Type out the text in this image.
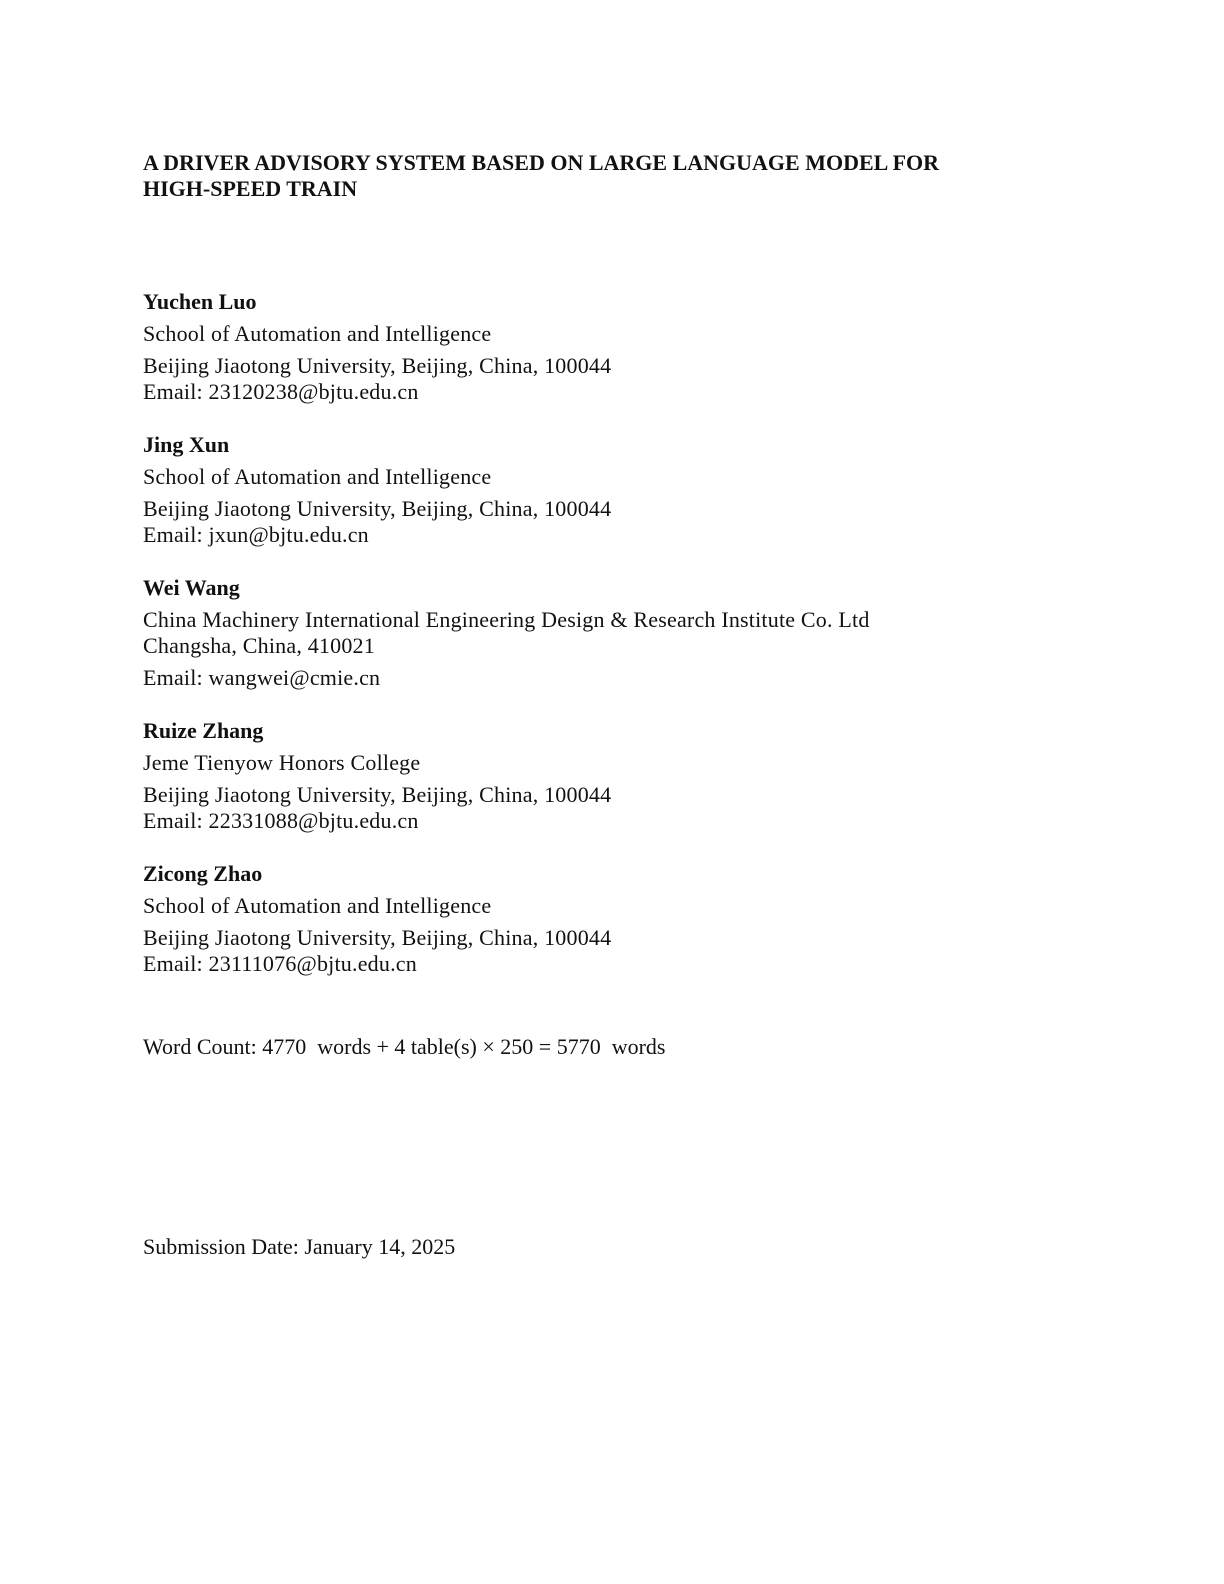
A DRIVER ADVISORY SYSTEM BASED ON LARGE LANGUAGE MODEL FOR
HIGH-SPEED TRAIN
Yuchen Luo
School of Automation and Intelligence
Beijing Jiaotong University, Beijing, China, 100044
Email: 23120238@bjtu.edu.cn
Jing Xun
School of Automation and Intelligence
Beijing Jiaotong University, Beijing, China, 100044
Email: jxun@bjtu.edu.cn
Wei Wang
China Machinery International Engineering Design & Research Institute Co. Ltd
Changsha, China, 410021
Email: wangwei@cmie.cn
Ruize Zhang
Jeme Tienyow Honors College
Beijing Jiaotong University, Beijing, China, 100044
Email: 22331088@bjtu.edu.cn
Zicong Zhao
School of Automation and Intelligence
Beijing Jiaotong University, Beijing, China, 100044
Email: 23111076@bjtu.edu.cn
Word Count: 4770  words + 4 table(s) × 250 = 5770  words
Submission Date: January 14, 2025
